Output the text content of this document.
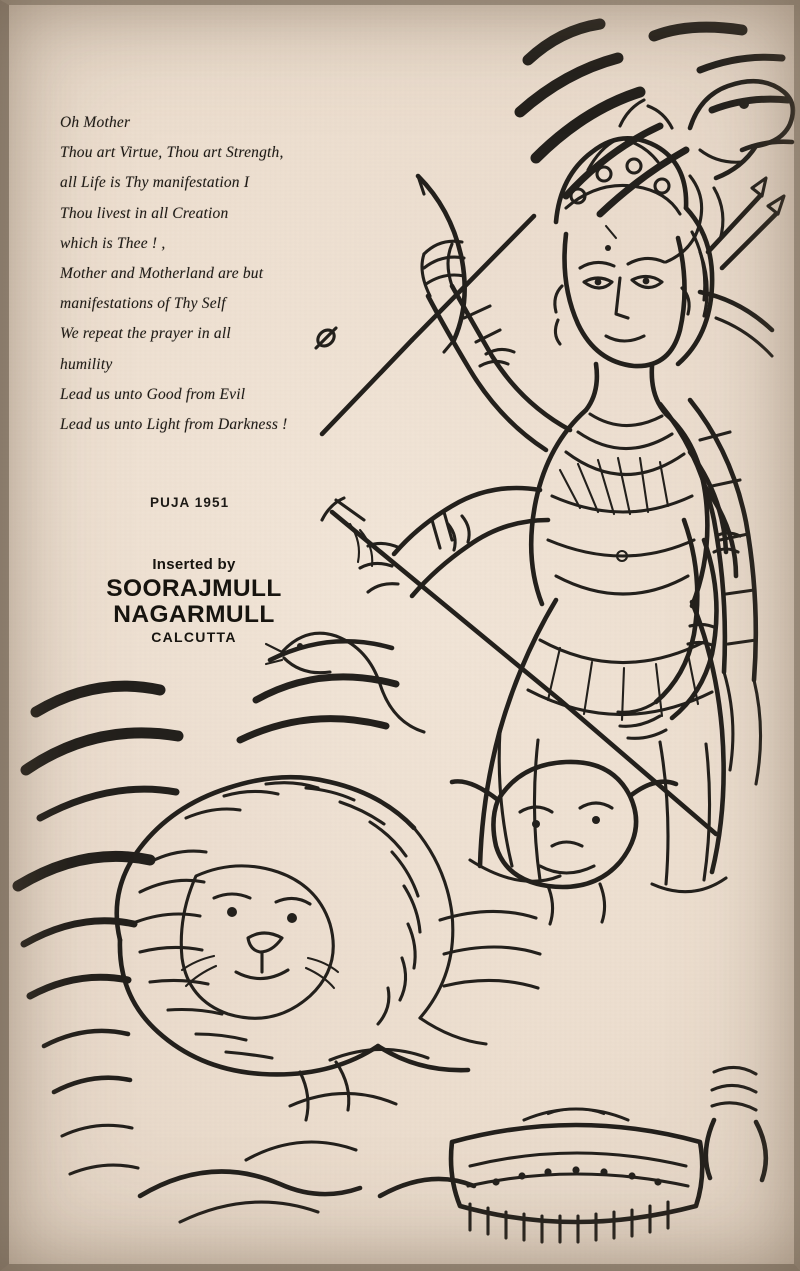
Oh Mother
Thou art Virtue, Thou art Strength,
all Life is Thy manifestation I
Thou livest in all Creation
which is Thee ! ,
Mother and Motherland are but
manifestations of Thy Self
We repeat the prayer in all
humility
Lead us unto Good from Evil
Lead us unto Light from Darkness !
PUJA 1951
Inserted by
SOORAJMULL NAGARMULL
CALCUTTA
